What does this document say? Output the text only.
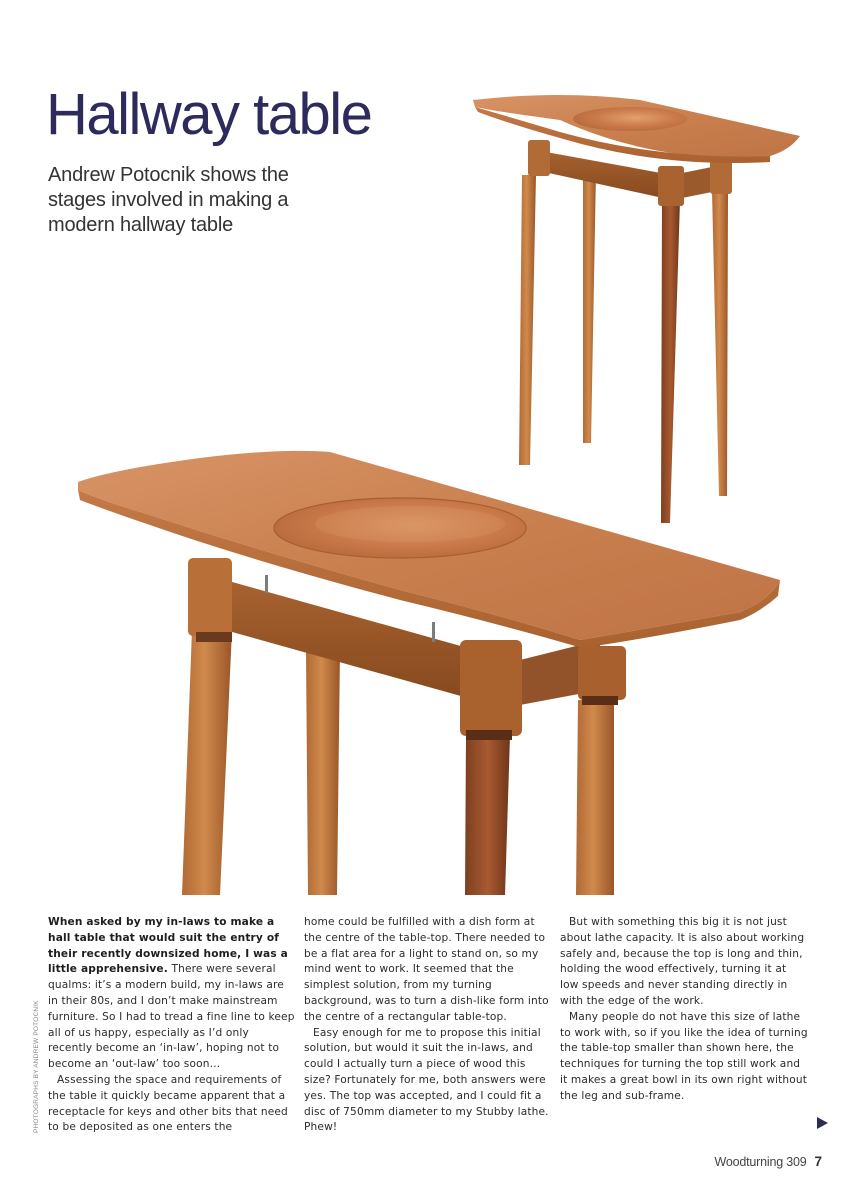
Hallway table

Andrew Potocnik shows the stages involved in making a modern hallway table

PHOTOGRAPHS BY ANDREW POTOCNIK

When asked by my in-laws to make a hall table that would suit the entry of their recently downsized home, I was a little apprehensive. There were several qualms: it’s a modern build, my in-laws are in their 80s, and I don’t make mainstream furniture. So I had to tread a fine line to keep all of us happy, especially as I’d only recently become an ‘in-law’, hoping not to become an ‘out-law’ too soon…

Assessing the space and requirements of the table it quickly became apparent that a receptacle for keys and other bits that need to be deposited as one enters the

home could be fulfilled with a dish form at the centre of the table-top. There needed to be a flat area for a light to stand on, so my mind went to work. It seemed that the simplest solution, from my turning background, was to turn a dish-like form into the centre of a rectangular table-top.

Easy enough for me to propose this initial solution, but would it suit the in-laws, and could I actually turn a piece of wood this size? Fortunately for me, both answers were yes. The top was accepted, and I could fit a disc of 750mm diameter to my Stubby lathe. Phew!

But with something this big it is not just about lathe capacity. It is also about working safely and, because the top is long and thin, holding the wood effectively, turning it at low speeds and never standing directly in with the edge of the work.

Many people do not have this size of lathe to work with, so if you like the idea of turning the table-top smaller than shown here, the techniques for turning the top still work and it makes a great bowl in its own right without the leg and sub-frame.

Woodturning 309 7
